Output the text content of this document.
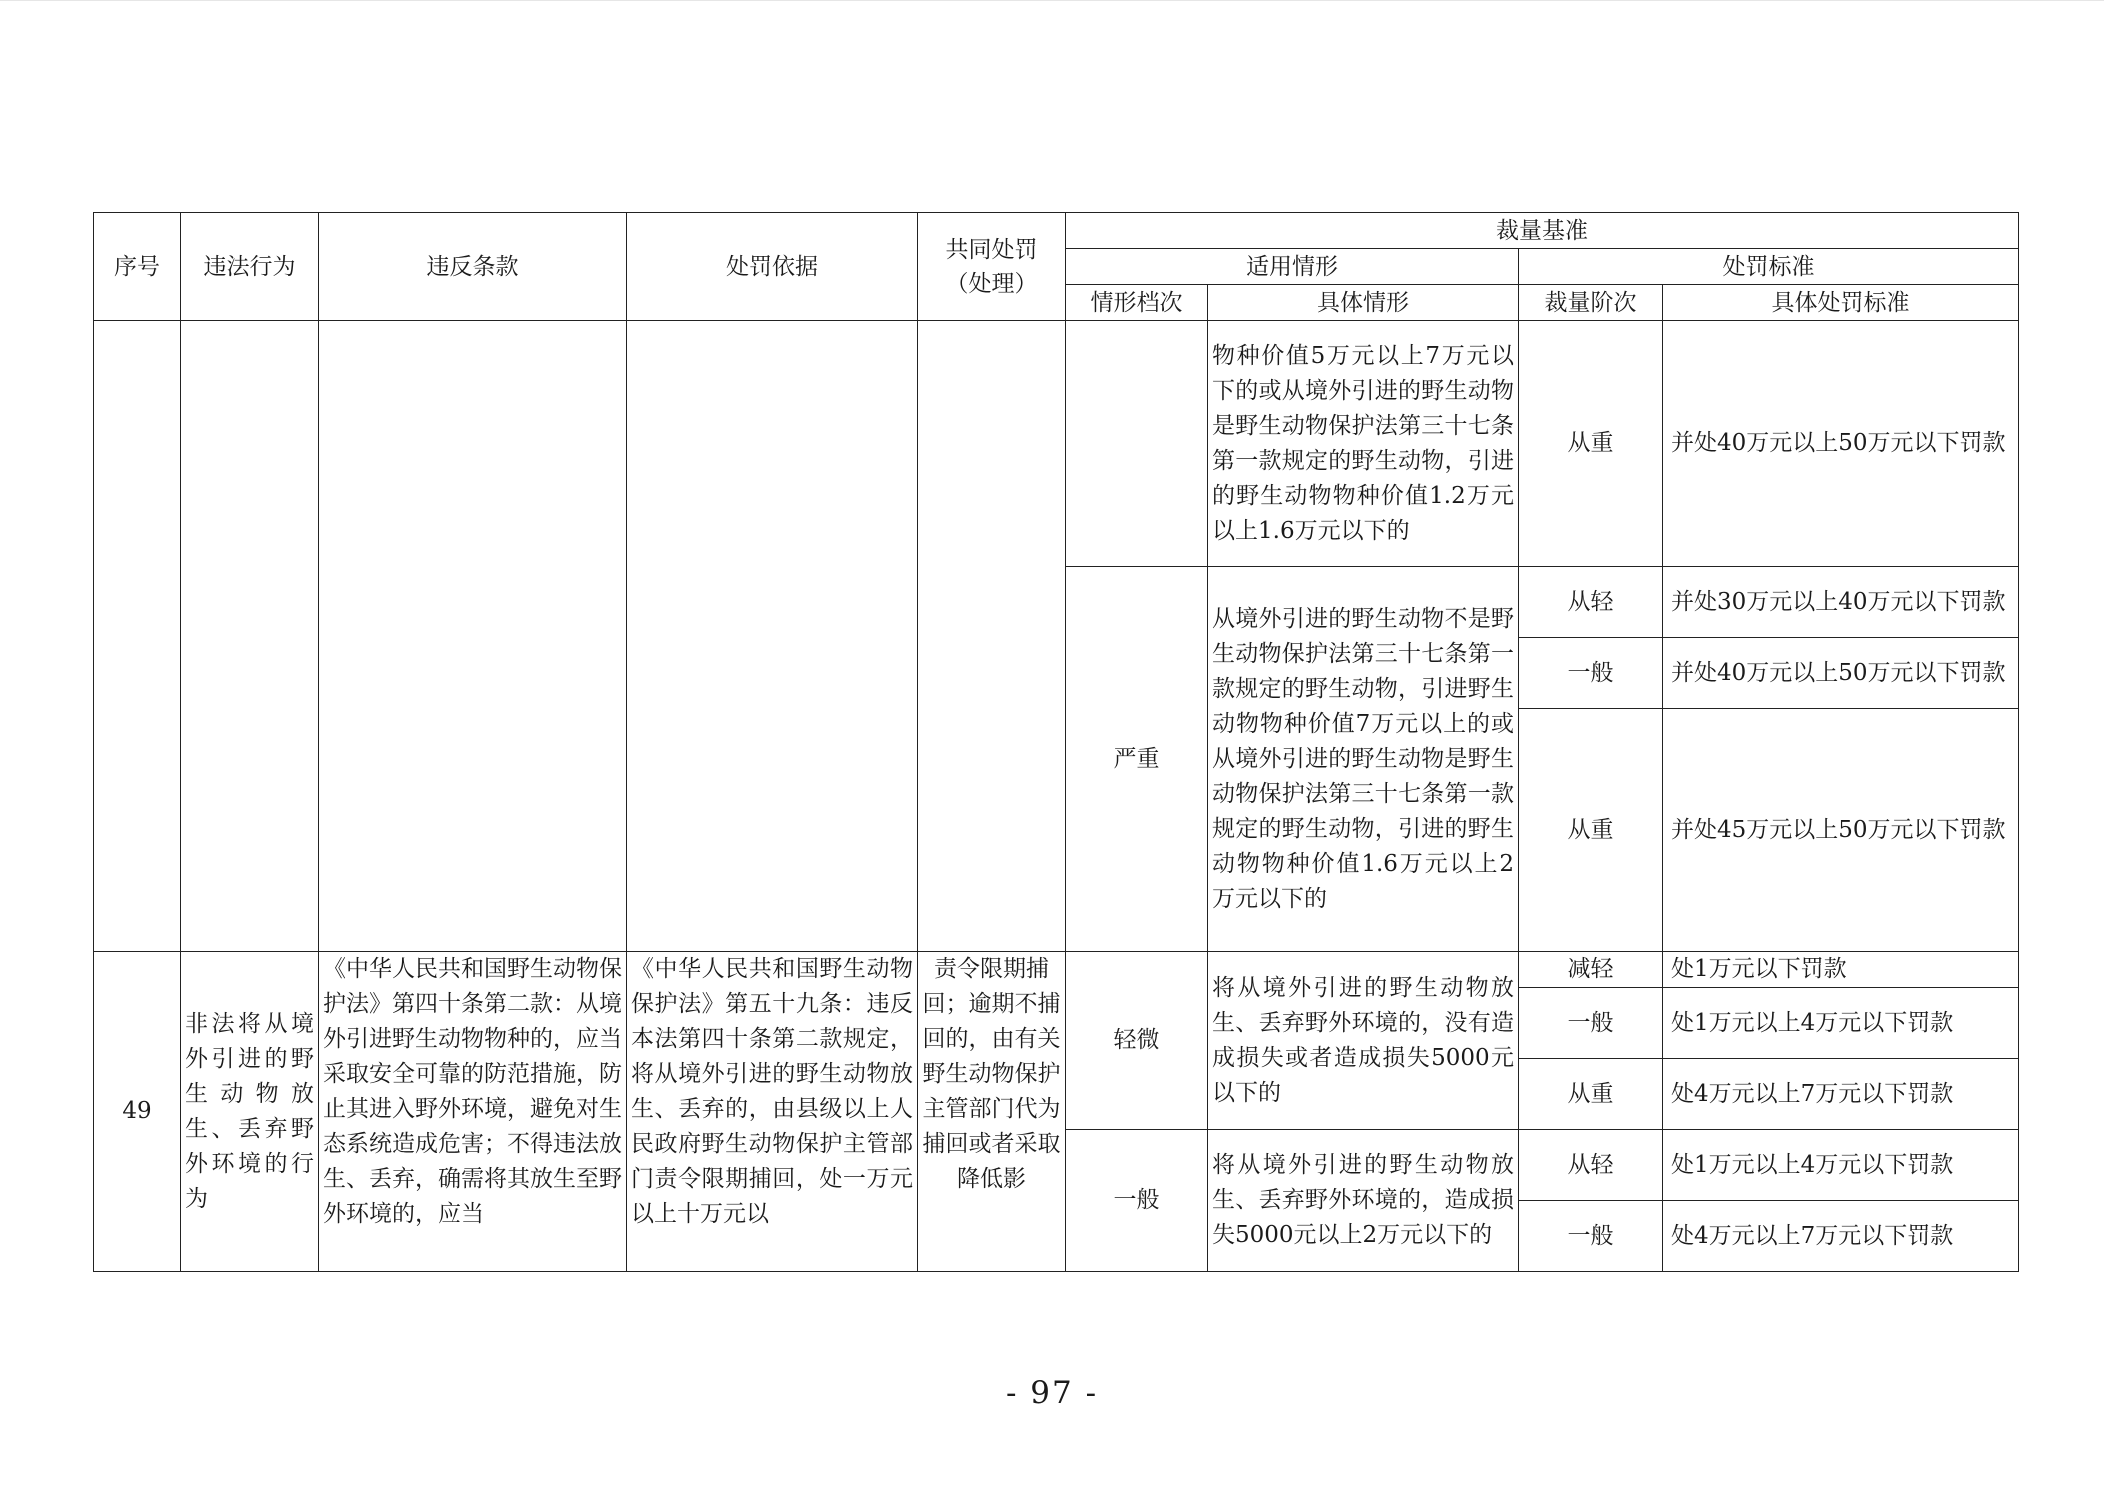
序号	违法行为	违反条款	处罚依据	共同处罚
（处理）	裁量基准			
					适用情形		处罚标准	
					情形档次	具体情形	裁量阶次	具体处罚标准
						物种价值5万元以上7万元以下的或从境外引进的野生动物是野生动物保护法第三十七条第一款规定的野生动物，引进的野生动物物种价值1.2万元以上1.6万元以下的	从重	并处40万元以上50万元以下罚款
					严重	从境外引进的野生动物不是野生动物保护法第三十七条第一款规定的野生动物，引进野生动物物种价值7万元以上的或从境外引进的野生动物是野生动物保护法第三十七条第一款规定的野生动物，引进的野生动物物种价值1.6万元以上2万元以下的	从轻	并处30万元以上40万元以下罚款
							一般	并处40万元以上50万元以下罚款
							从重	并处45万元以上50万元以下罚款
49	非法将从境外引进的野生动物放生、丢弃野外环境的行为	《中华人民共和国野生动物保护法》第四十条第二款：从境外引进野生动物物种的，应当采取安全可靠的防范措施，防止其进入野外环境，避免对生态系统造成危害；不得违法放生、丢弃，确需将其放生至野外环境的，应当	《中华人民共和国野生动物保护法》第五十九条：违反本法第四十条第二款规定，将从境外引进的野生动物放生、丢弃的，由县级以上人民政府野生动物保护主管部门责令限期捕回，处一万元以上十万元以	责令限期捕回；逾期不捕回的，由有关野生动物保护主管部门代为捕回或者采取降低影	轻微	将从境外引进的野生动物放生、丢弃野外环境的，没有造成损失或者造成损失5000元以下的	减轻	处1万元以下罚款
							一般	处1万元以上4万元以下罚款
							从重	处4万元以上7万元以下罚款
					一般	将从境外引进的野生动物放生、丢弃野外环境的，造成损失5000元以上2万元以下的	从轻	处1万元以上4万元以下罚款
							一般	处4万元以上7万元以下罚款
- 97 -
